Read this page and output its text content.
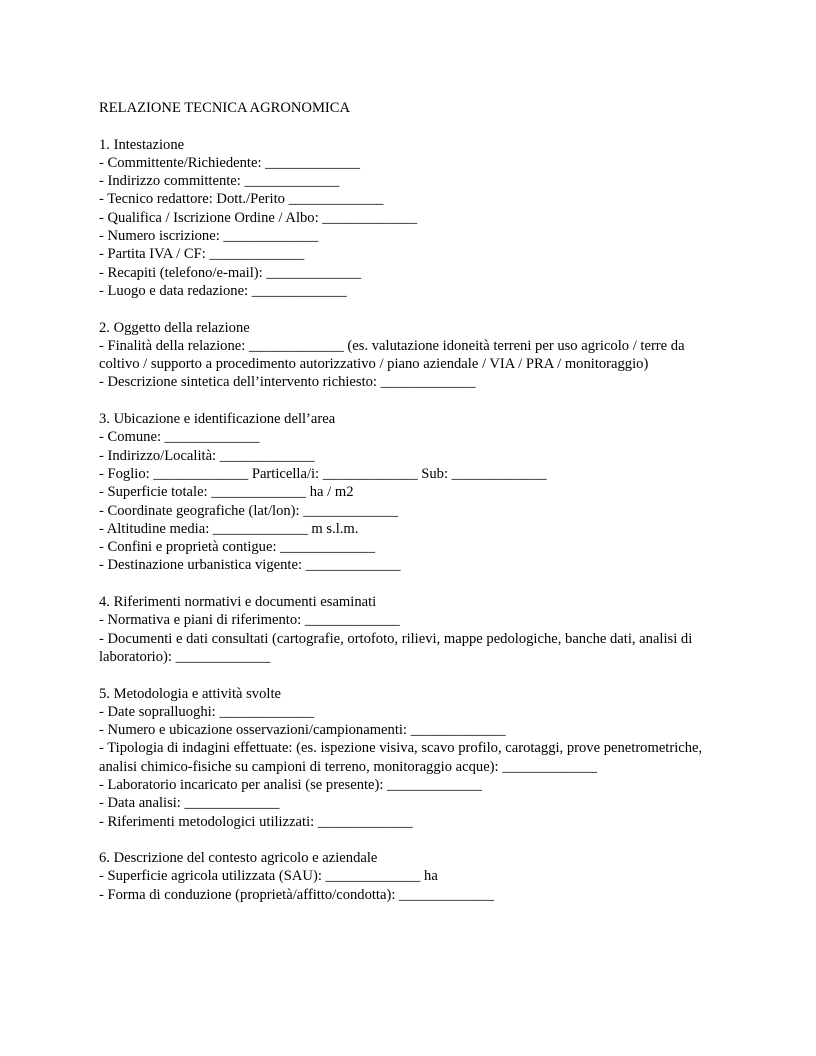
RELAZIONE TECNICA AGRONOMICA
1. Intestazione
- Committente/Richiedente: _____________
- Indirizzo committente: _____________
- Tecnico redattore: Dott./Perito _____________
- Qualifica / Iscrizione Ordine / Albo: _____________
- Numero iscrizione: _____________
- Partita IVA / CF: _____________
- Recapiti (telefono/e-mail): _____________
- Luogo e data redazione: _____________
2. Oggetto della relazione
- Finalità della relazione: _____________ (es. valutazione idoneità terreni per uso agricolo / terre da coltivo / supporto a procedimento autorizzativo / piano aziendale / VIA / PRA / monitoraggio)
- Descrizione sintetica dell’intervento richiesto: _____________
3. Ubicazione e identificazione dell’area
- Comune: _____________
- Indirizzo/Località: _____________
- Foglio: _____________ Particella/i: _____________ Sub: _____________
- Superficie totale: _____________ ha / m2
- Coordinate geografiche (lat/lon): _____________
- Altitudine media: _____________ m s.l.m.
- Confini e proprietà contigue: _____________
- Destinazione urbanistica vigente: _____________
4. Riferimenti normativi e documenti esaminati
- Normativa e piani di riferimento: _____________
- Documenti e dati consultati (cartografie, ortofoto, rilievi, mappe pedologiche, banche dati, analisi di laboratorio): _____________
5. Metodologia e attività svolte
- Date sopralluoghi: _____________
- Numero e ubicazione osservazioni/campionamenti: _____________
- Tipologia di indagini effettuate: (es. ispezione visiva, scavo profilo, carotaggi, prove penetrometriche, analisi chimico-fisiche su campioni di terreno, monitoraggio acque): _____________
- Laboratorio incaricato per analisi (se presente): _____________
- Data analisi: _____________
- Riferimenti metodologici utilizzati: _____________
6. Descrizione del contesto agricolo e aziendale
- Superficie agricola utilizzata (SAU): _____________ ha
- Forma di conduzione (proprietà/affitto/condotta): _____________
